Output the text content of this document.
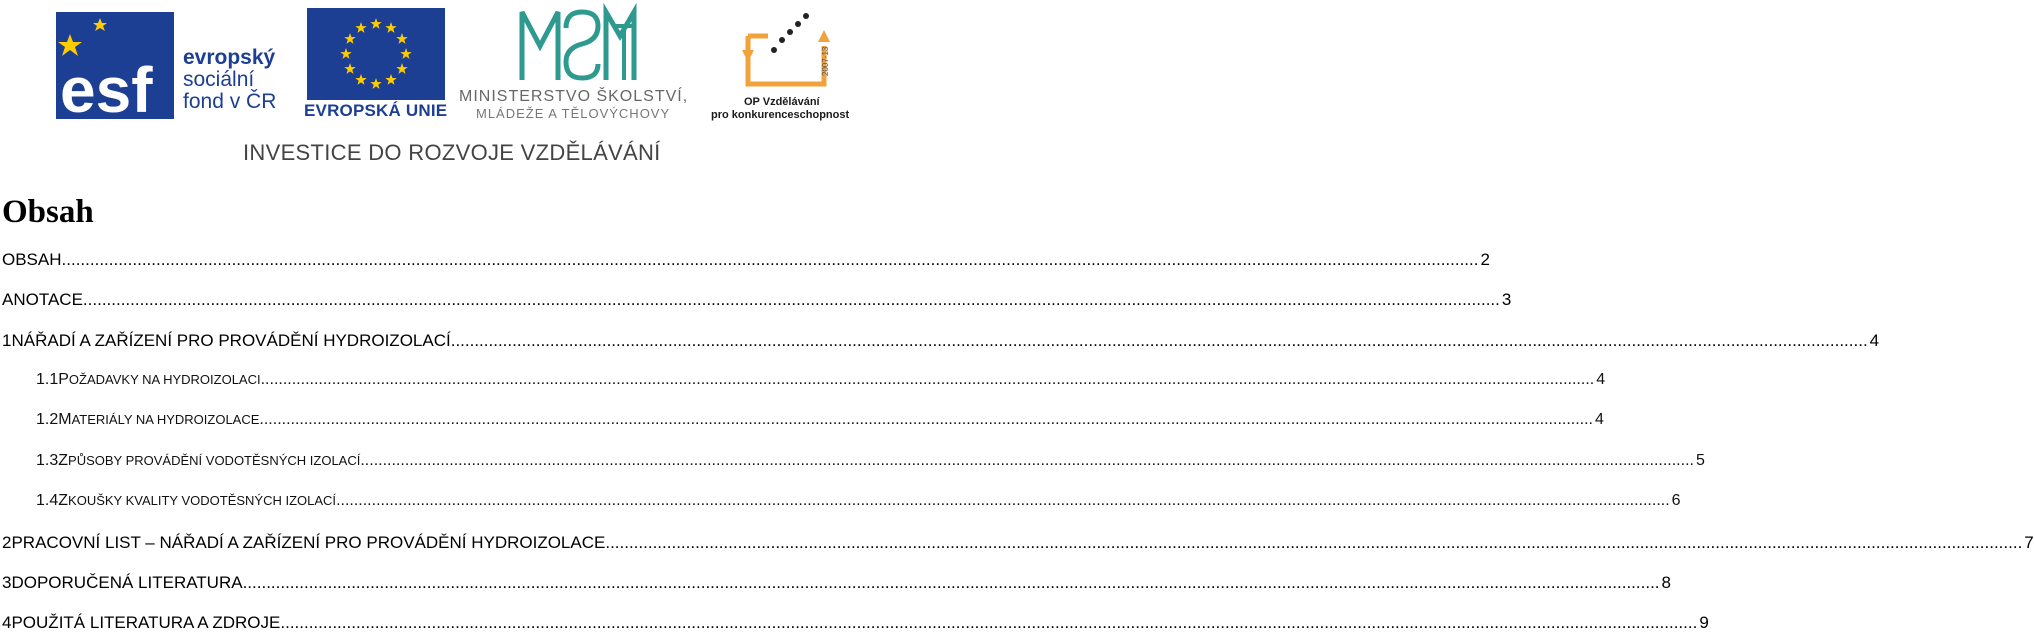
esf evropský
sociální
fond v ČR	EVROPSKÁ UNIE
MINISTERSTVO ŠKOLSTVÍ,
MLÁDEŽE A TĚLOVÝCHOVY
2007-13
OP Vzdělávání
pro konkurenceschopnost
INVESTICE DO ROZVOJE VZDĚLÁVÁNÍ
Obsah
OBSAH ............................................................................................................................................................................................................................................................................................................ 2
ANOTACE ............................................................................................................................................................................................................................................................................................................ 3
1 NÁŘADÍ A ZAŘÍZENÍ PRO PROVÁDĚNÍ HYDROIZOLACÍ ............................................................................................................................................................................................................................................................................................................ 4
1.1 POŽADAVKY NA HYDROIZOLACI ............................................................................................................................................................................................................................................................................................................ 4
1.2 MATERIÁLY NA HYDROIZOLACE ............................................................................................................................................................................................................................................................................................................ 4
1.3 ZPŮSOBY PROVÁDĚNÍ VODOTĚSNÝCH IZOLACÍ ............................................................................................................................................................................................................................................................................................................ 5
1.4 ZKOUŠKY KVALITY VODOTĚSNÝCH IZOLACÍ ............................................................................................................................................................................................................................................................................................................ 6
2 PRACOVNÍ LIST – NÁŘADÍ A ZAŘÍZENÍ PRO PROVÁDĚNÍ HYDROIZOLACE ............................................................................................................................................................................................................................................................................................................ 7
3 DOPORUČENÁ LITERATURA ............................................................................................................................................................................................................................................................................................................ 8
4 POUŽITÁ LITERATURA A ZDROJE ............................................................................................................................................................................................................................................................................................................ 9
